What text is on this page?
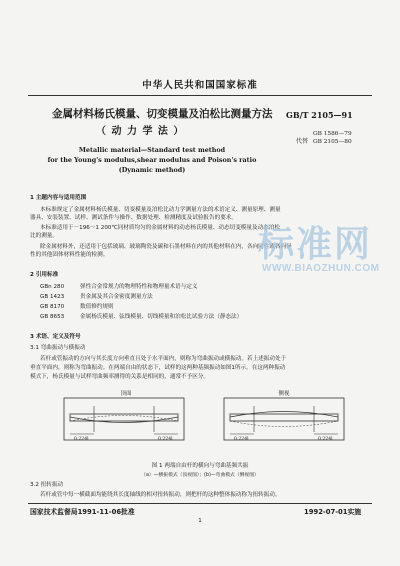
中华人民共和国国家标准
金属材料杨氏模量、切变模量及泊松比测量方法
（ 动 力 学 法 ）
GB/T 2105—91
代替
GB 1586—79
GB 2105—80
Metallic material—Standard test method
for the Young's modulus,shear modulus and Poison's ratio
(Dynamic method)
1 主题内容与适用范围
本标准规定了金属材料杨氏模量、切变模量及泊松比动力学测量方法的术语定义、测量原理、测量
器具、安装装置、试样、测试条件与操作、数据处理、检测精度及试验报告的要求。
本标准适用于－196～1 200℃同材质均匀的金属材料的动态杨氏模量、动态切变模量及动态泊松
比的测量。
除金属材料外，还适用于包括玻璃、玻璃陶瓷及碳和石墨材料在内的其他材料在内，各向同性或各向异
性的其他固体材料性能的检测。
2 引用标准
GBn 280	弹性合金常规力的物理特性和物理量术语与定义
GB 1423	贵金属及其合金密度测量方法
GB 8170	数值修约规则
GB 8653	金属杨氏模量、弦线模量、切线模量和泊松比试验方法（静态法）
3 术语、定义及符号
3.1 弯曲振动与横振动
若杆或管振动的方向与其长度方向垂直且处于水平面内，则称为弯曲振动或横振动。若上述振动处于
垂直平面内，则称为弯曲振动。在两端自由的状态下，试样的这两种基频振动如图1所示。在这两种振动
模式下，杨氏模量与试样弯曲频率测得的关系是相同的，通常不予区分。
顶面
0.224l	0.224l
侧视
0.224l	0.224l
图 1 两端自由杆的横向与弯曲基频共振
（a）—横振模式（顶视图）；(b)—弯曲模式（侧视图）
3.2 扭转振动
若杆或管中每一横截面均能绕其长度轴线的相对扭转振动，则把杆的这种整体振动称为扭转振动。
国家技术监督局1991-11-06批准	1992-07-01实施
1
标准网
WWW.BIAOZHUN.COM
